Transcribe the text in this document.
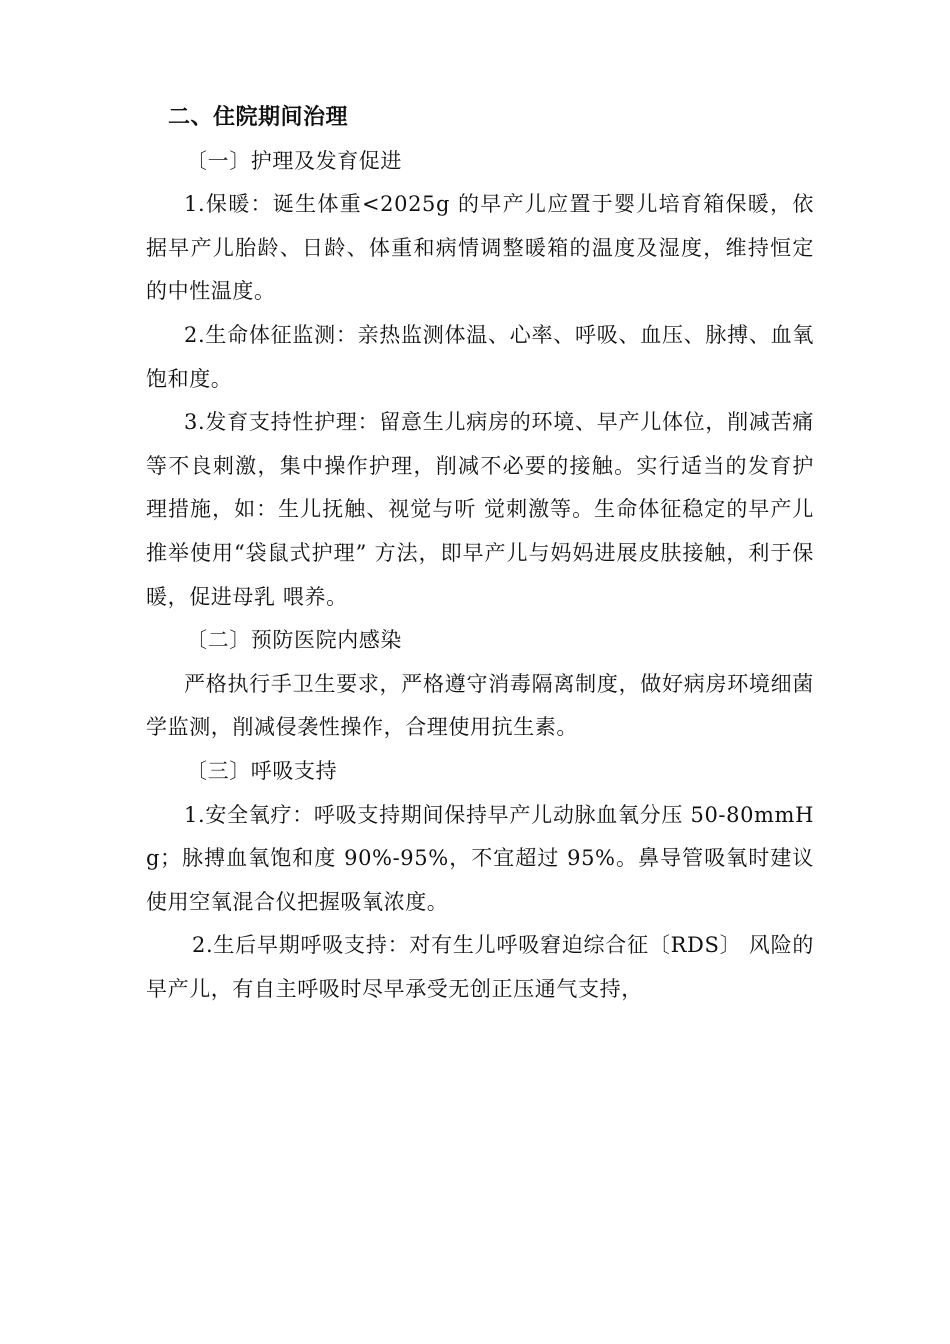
二、住院期间治理

〔一〕护理及发育促进

1.保暖：诞生体重<2025g 的早产儿应置于婴儿培育箱保暖，依据早产儿胎龄、日龄、体重和病情调整暖箱的温度及湿度，维持恒定的中性温度。

2.生命体征监测：亲热监测体温、心率、呼吸、血压、脉搏、血氧饱和度。

3.发育支持性护理：留意生儿病房的环境、早产儿体位，削减苦痛等不良刺激，集中操作护理，削减不必要的接触。实行适当的发育护理措施，如：生儿抚触、视觉与听 觉刺激等。生命体征稳定的早产儿推举使用“袋鼠式护理” 方法，即早产儿与妈妈进展皮肤接触，利于保暖，促进母乳 喂养。

〔二〕预防医院内感染

严格执行手卫生要求，严格遵守消毒隔离制度，做好病房环境细菌学监测，削减侵袭性操作，合理使用抗生素。

〔三〕呼吸支持

1.安全氧疗：呼吸支持期间保持早产儿动脉血氧分压 50-80mmHg；脉搏血氧饱和度 90%-95%，不宜超过 95%。鼻导管吸氧时建议使用空氧混合仪把握吸氧浓度。

2.生后早期呼吸支持：对有生儿呼吸窘迫综合征〔RDS〕 风险的早产儿，有自主呼吸时尽早承受无创正压通气支持，
